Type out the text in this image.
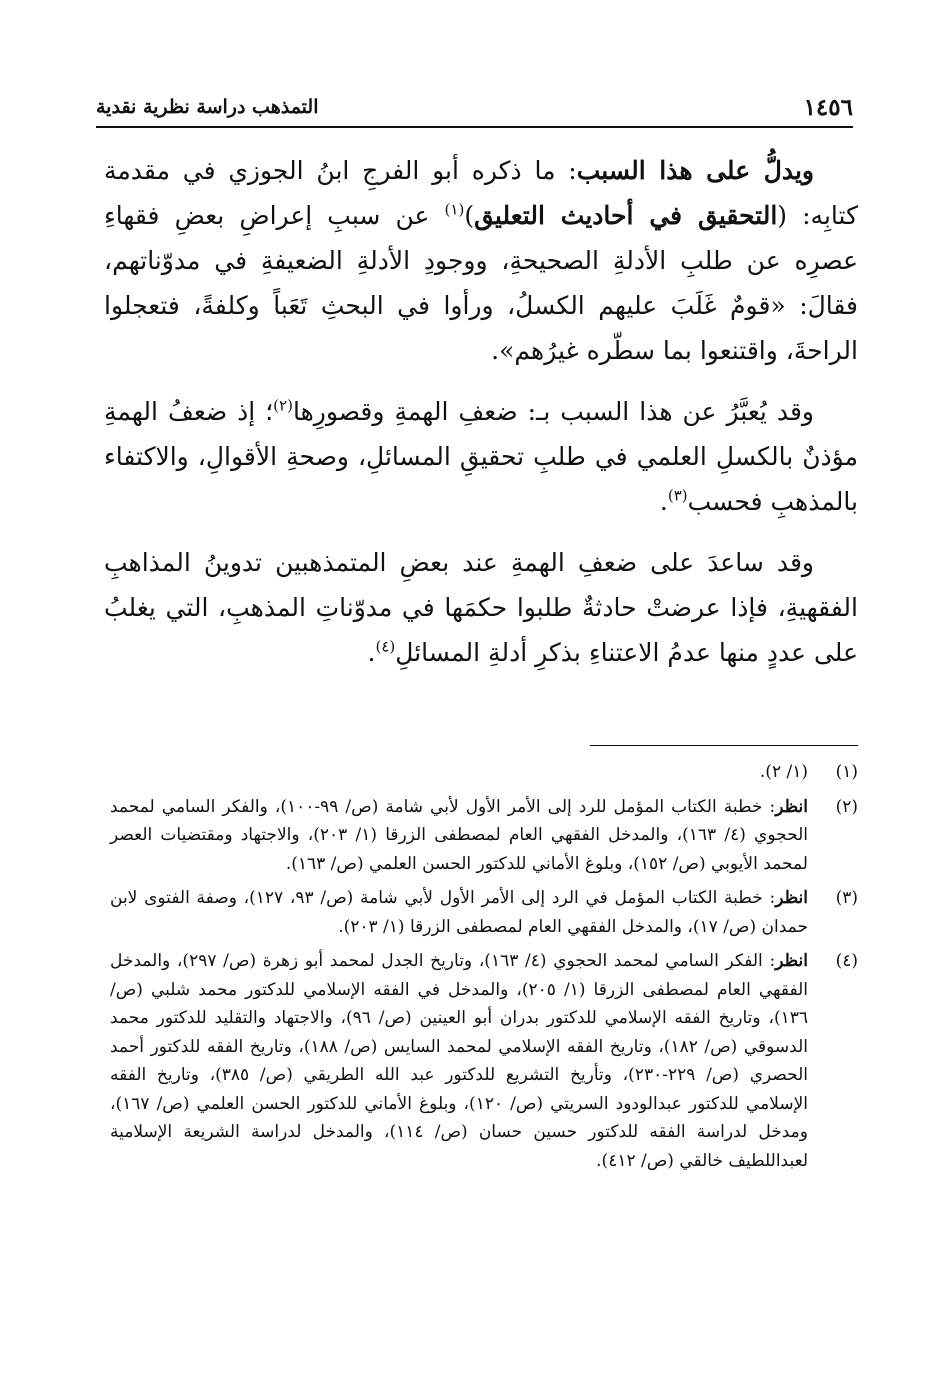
١٤٥٦
التمذهب دراسة نظرية نقدية

ويدلُّ على هذا السبب: ما ذكره أبو الفرجِ ابنُ الجوزي في مقدمة كتابِه: (التحقيق في أحاديث التعليق)$^{(١)}$ عن سببِ إعراضِ بعضِ فقهاءِ عصرِه عن طلبِ الأدلةِ الصحيحةِ، ووجودِ الأدلةِ الضعيفةِ في مدوّناتهم، فقالَ: «قومٌ غَلَبَ عليهم الكسلُ، ورأوا في البحثِ تَعَباً وكلفةً، فتعجلوا الراحةَ، واقتنعوا بما سطّره غيرُهم».

وقد يُعبَّرُ عن هذا السبب بـ: ضعفِ الهمةِ وقصورِها$^{(٢)}$؛ إذ ضعفُ الهمةِ مؤذنٌ بالكسلِ العلمي في طلبِ تحقيقِ المسائلِ، وصحةِ الأقوالِ، والاكتفاء بالمذهبِ فحسب$^{(٣)}$.

وقد ساعدَ على ضعفِ الهمةِ عند بعضِ المتمذهبين تدوينُ المذاهبِ الفقهيةِ، فإذا عرضتْ حادثةٌ طلبوا حكمَها في مدوّناتِ المذهبِ، التي يغلبُ على عددٍ منها عدمُ الاعتناءِ بذكرِ أدلةِ المسائلِ$^{(٤)}$.

(١)
(١/ ٢).
(٢)
انظر: خطبة الكتاب المؤمل للرد إلى الأمر الأول لأبي شامة (ص/ ٩٩-١٠٠)، والفكر السامي لمحمد الحجوي (٤/ ١٦٣)، والمدخل الفقهي العام لمصطفى الزرقا (١/ ٢٠٣)، والاجتهاد ومقتضيات العصر لمحمد الأيوبي (ص/ ١٥٢)، وبلوغ الأماني للدكتور الحسن العلمي (ص/ ١٦٣).
(٣)
انظر: خطبة الكتاب المؤمل في الرد إلى الأمر الأول لأبي شامة (ص/ ٩٣، ١٢٧)، وصفة الفتوى لابن حمدان (ص/ ١٧)، والمدخل الفقهي العام لمصطفى الزرقا (١/ ٢٠٣).
(٤)
انظر: الفكر السامي لمحمد الحجوي (٤/ ١٦٣)، وتاريخ الجدل لمحمد أبو زهرة (ص/ ٢٩٧)، والمدخل الفقهي العام لمصطفى الزرقا (١/ ٢٠٥)، والمدخل في الفقه الإسلامي للدكتور محمد شلبي (ص/ ١٣٦)، وتاريخ الفقه الإسلامي للدكتور بدران أبو العينين (ص/ ٩٦)، والاجتهاد والتقليد للدكتور محمد الدسوقي (ص/ ١٨٢)، وتاريخ الفقه الإسلامي لمحمد السايس (ص/ ١٨٨)، وتاريخ الفقه للدكتور أحمد الحصري (ص/ ٢٢٩-٢٣٠)، وتأريخ التشريع للدكتور عبد الله الطريقي (ص/ ٣٨٥)، وتاريخ الفقه الإسلامي للدكتور عبدالودود السريتي (ص/ ١٢٠)، وبلوغ الأماني للدكتور الحسن العلمي (ص/ ١٦٧)، ومدخل لدراسة الفقه للدكتور حسين حسان (ص/ ١١٤)، والمدخل لدراسة الشريعة الإسلامية لعبداللطيف خالقي (ص/ ٤١٢).
